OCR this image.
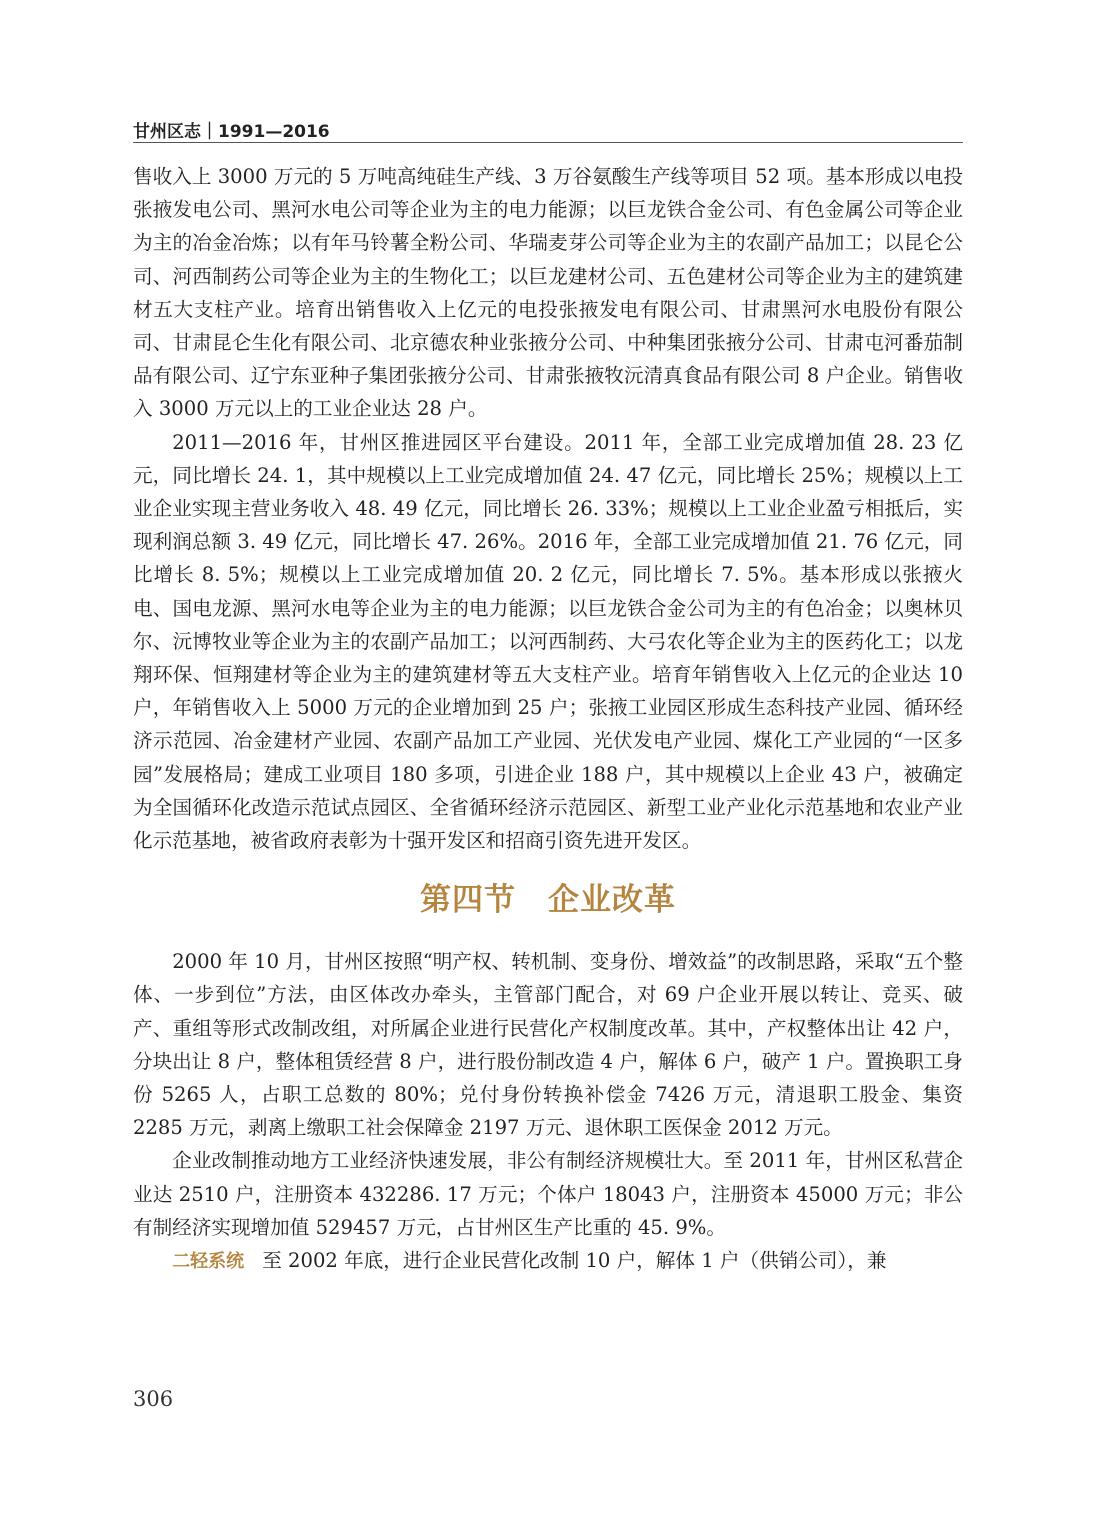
甘州区志｜1991—2016

售收入上 3000 万元的 5 万吨高纯硅生产线、3 万谷氨酸生产线等项目 52 项。基本形成以电投张掖发电公司、黑河水电公司等企业为主的电力能源；以巨龙铁合金公司、有色金属公司等企业为主的冶金冶炼；以有年马铃薯全粉公司、华瑞麦芽公司等企业为主的农副产品加工；以昆仑公司、河西制药公司等企业为主的生物化工；以巨龙建材公司、五色建材公司等企业为主的建筑建材五大支柱产业。培育出销售收入上亿元的电投张掖发电有限公司、甘肃黑河水电股份有限公司、甘肃昆仑生化有限公司、北京德农种业张掖分公司、中种集团张掖分公司、甘肃屯河番茄制品有限公司、辽宁东亚种子集团张掖分公司、甘肃张掖牧沅清真食品有限公司 8 户企业。销售收入 3000 万元以上的工业企业达 28 户。

2011—2016 年，甘州区推进园区平台建设。2011 年，全部工业完成增加值 28. 23 亿元，同比增长 24. 1，其中规模以上工业完成增加值 24. 47 亿元，同比增长 25%；规模以上工业企业实现主营业务收入 48. 49 亿元，同比增长 26. 33%；规模以上工业企业盈亏相抵后，实现利润总额 3. 49 亿元，同比增长 47. 26%。2016 年，全部工业完成增加值 21. 76 亿元，同比增长 8. 5%；规模以上工业完成增加值 20. 2 亿元，同比增长 7. 5%。基本形成以张掖火电、国电龙源、黑河水电等企业为主的电力能源；以巨龙铁合金公司为主的有色冶金；以奥林贝尔、沅博牧业等企业为主的农副产品加工；以河西制药、大弓农化等企业为主的医药化工；以龙翔环保、恒翔建材等企业为主的建筑建材等五大支柱产业。培育年销售收入上亿元的企业达 10 户，年销售收入上 5000 万元的企业增加到 25 户；张掖工业园区形成生态科技产业园、循环经济示范园、冶金建材产业园、农副产品加工产业园、光伏发电产业园、煤化工产业园的“一区多园”发展格局；建成工业项目 180 多项，引进企业 188 户，其中规模以上企业 43 户，被确定为全国循环化改造示范试点园区、全省循环经济示范园区、新型工业产业化示范基地和农业产业化示范基地，被省政府表彰为十强开发区和招商引资先进开发区。

第四节 企业改革

2000 年 10 月，甘州区按照“明产权、转机制、变身份、增效益”的改制思路，采取“五个整体、一步到位”方法，由区体改办牵头，主管部门配合，对 69 户企业开展以转让、竞买、破产、重组等形式改制改组，对所属企业进行民营化产权制度改革。其中，产权整体出让 42 户，分块出让 8 户，整体租赁经营 8 户，进行股份制改造 4 户，解体 6 户，破产 1 户。置换职工身份 5265 人，占职工总数的 80%；兑付身份转换补偿金 7426 万元，清退职工股金、集资 2285 万元，剥离上缴职工社会保障金 2197 万元、退休职工医保金 2012 万元。

企业改制推动地方工业经济快速发展，非公有制经济规模壮大。至 2011 年，甘州区私营企业达 2510 户，注册资本 432286. 17 万元；个体户 18043 户，注册资本 45000 万元；非公有制经济实现增加值 529457 万元，占甘州区生产比重的 45. 9%。

二轻系统 至 2002 年底，进行企业民营化改制 10 户，解体 1 户（供销公司），兼

306
